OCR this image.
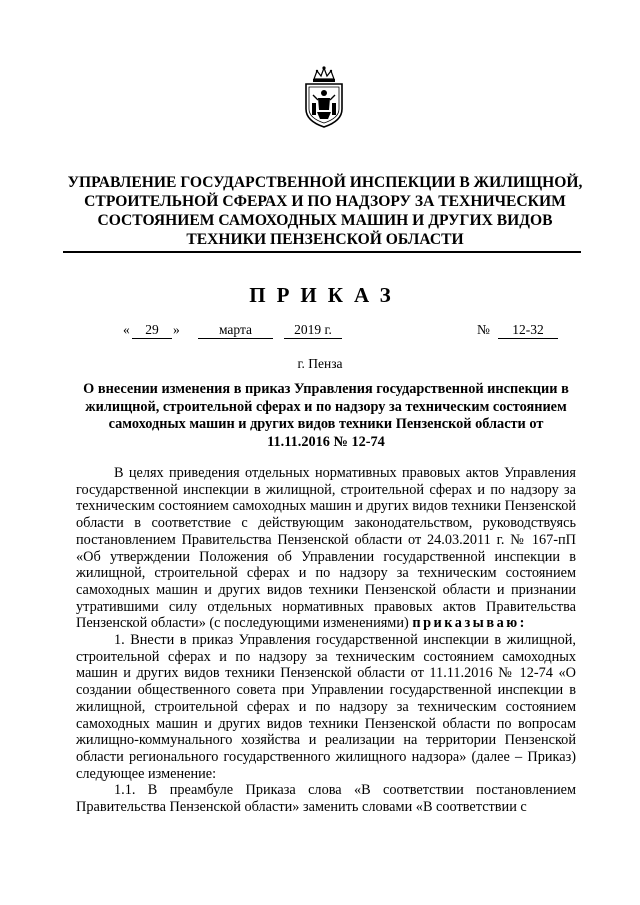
УПРАВЛЕНИЕ ГОСУДАРСТВЕННОЙ ИНСПЕКЦИИ В ЖИЛИЩНОЙ,
СТРОИТЕЛЬНОЙ СФЕРАХ И ПО НАДЗОРУ ЗА ТЕХНИЧЕСКИМ
СОСТОЯНИЕМ САМОХОДНЫХ МАШИН И ДРУГИХ ВИДОВ
ТЕХНИКИ ПЕНЗЕНСКОЙ ОБЛАСТИ
ПРИКАЗ
«	29	»	марта	2019 г.	№	12-32
г. Пенза
О внесении изменения в приказ Управления государственной инспекции в
жилищной, строительной сферах и по надзору за техническим состоянием
самоходных машин и других видов техники Пензенской области от
11.11.2016 № 12-74

В целях приведения отдельных нормативных правовых актов Управления государственной инспекции в жилищной, строительной сферах и по надзору за техническим состоянием самоходных машин и других видов техники Пензенской области в соответствие с действующим законодательством, руководствуясь постановлением Правительства Пензенской области от 24.03.2011 г. № 167-пП «Об утверждении Положения об Управлении государственной инспекции в жилищной, строительной сферах и по надзору за техническим состоянием самоходных машин и других видов техники Пензенской области и признании утратившими силу отдельных нормативных правовых актов Правительства Пензенской области» (с последующими изменениями) приказываю:

1. Внести в приказ Управления государственной инспекции в жилищной, строительной сферах и по надзору за техническим состоянием самоходных машин и других видов техники Пензенской области от 11.11.2016 № 12-74 «О создании общественного совета при Управлении государственной инспекции в жилищной, строительной сферах и по надзору за техническим состоянием самоходных машин и других видов техники Пензенской области по вопросам жилищно-коммунального хозяйства и реализации на территории Пензенской области регионального государственного жилищного надзора» (далее – Приказ) следующее изменение:

1.1. В преамбуле Приказа слова «В соответствии постановлением Правительства Пензенской области» заменить словами «В соответствии с
